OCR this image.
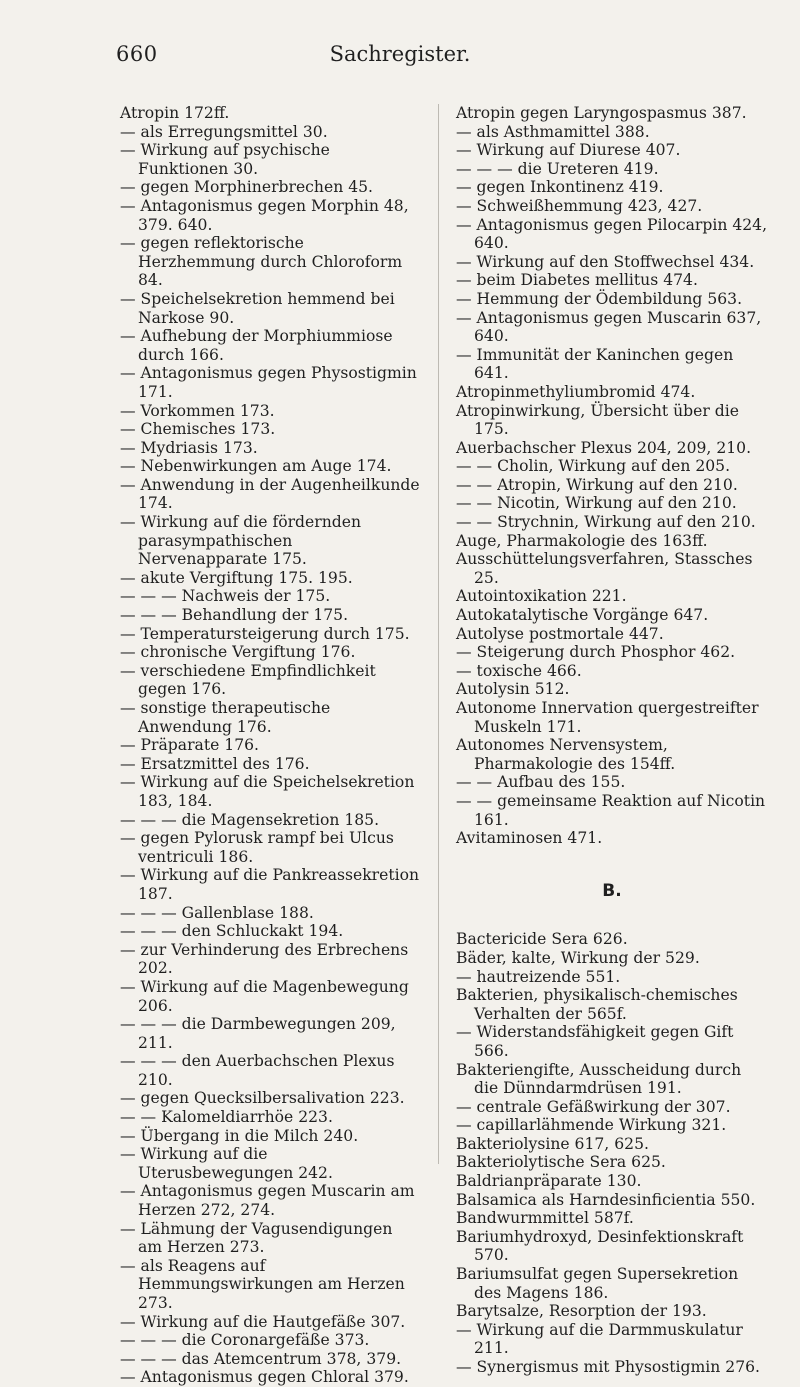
660	Sachregister.

Atropin 172ff.

— als Erregungsmittel 30.

— Wirkung auf psychische Funktionen 30.

— gegen Morphinerbrechen 45.

— Antagonismus gegen Morphin 48, 379. 640.

— gegen reflektorische Herzhemmung durch Chloroform 84.

— Speichelsekretion hemmend bei Narkose 90.

— Aufhebung der Morphiummiose durch 166.

— Antagonismus gegen Physostigmin 171.

— Vorkommen 173.

— Chemisches 173.

— Mydriasis 173.

— Nebenwirkungen am Auge 174.

— Anwendung in der Augenheilkunde 174.

— Wirkung auf die fördernden parasympathischen Nervenapparate 175.

— akute Vergiftung 175. 195.

— — — Nachweis der 175.

— — — Behandlung der 175.

— Temperatursteigerung durch 175.

— chronische Vergiftung 176.

— verschiedene Empfindlichkeit gegen 176.

— sonstige therapeutische Anwendung 176.

— Präparate 176.

— Ersatzmittel des 176.

— Wirkung auf die Speichelsekretion 183, 184.

— — — die Magensekretion 185.

— gegen Pylorusk rampf bei Ulcus ventriculi 186.

— Wirkung auf die Pankreassekretion 187.

— — — Gallenblase 188.

— — — den Schluckakt 194.

— zur Verhinderung des Erbrechens 202.

— Wirkung auf die Magenbewegung 206.

— — — die Darmbewegungen 209, 211.

— — — den Auerbachschen Plexus 210.

— gegen Quecksilbersalivation 223.

— — Kalomeldiarrhöe 223.

— Übergang in die Milch 240.

— Wirkung auf die Uterusbewegungen 242.

— Antagonismus gegen Muscarin am Herzen 272, 274.

— Lähmung der Vagusendigungen am Herzen 273.

— als Reagens auf Hemmungswirkungen am Herzen 273.

— Wirkung auf die Hautgefäße 307.

— — — die Coronargefäße 373.

— — — das Atemcentrum 378, 379.

— Antagonismus gegen Chloral 379.

Atropin gegen Laryngospasmus 387.

— als Asthmamittel 388.

— Wirkung auf Diurese 407.

— — — die Ureteren 419.

— gegen Inkontinenz 419.

— Schweißhemmung 423, 427.

— Antagonismus gegen Pilocarpin 424, 640.

— Wirkung auf den Stoffwechsel 434.

— beim Diabetes mellitus 474.

— Hemmung der Ödembildung 563.

— Antagonismus gegen Muscarin 637, 640.

— Immunität der Kaninchen gegen 641.

Atropinmethyliumbromid 474.

Atropinwirkung, Übersicht über die 175.

Auerbachscher Plexus 204, 209, 210.

— — Cholin, Wirkung auf den 205.

— — Atropin, Wirkung auf den 210.

— — Nicotin, Wirkung auf den 210.

— — Strychnin, Wirkung auf den 210.

Auge, Pharmakologie des 163ff.

Ausschüttelungsverfahren, Stassches 25.

Autointoxikation 221.

Autokatalytische Vorgänge 647.

Autolyse postmortale 447.

— Steigerung durch Phosphor 462.

— toxische 466.

Autolysin 512.

Autonome Innervation quergestreifter Muskeln 171.

Autonomes Nervensystem, Pharmakologie des 154ff.

— — Aufbau des 155.

— — gemeinsame Reaktion auf Nicotin 161.

Avitaminosen 471.

B.

Bactericide Sera 626.

Bäder, kalte, Wirkung der 529.

— hautreizende 551.

Bakterien, physikalisch-chemisches Verhalten der 565f.

— Widerstandsfähigkeit gegen Gift 566.

Bakteriengifte, Ausscheidung durch die Dünndarmdrüsen 191.

— centrale Gefäßwirkung der 307.

— capillarlähmende Wirkung 321.

Bakteriolysine 617, 625.

Bakteriolytische Sera 625.

Baldrianpräparate 130.

Balsamica als Harndesinficientia 550.

Bandwurmmittel 587f.

Bariumhydroxyd, Desinfektionskraft 570.

Bariumsulfat gegen Supersekretion des Magens 186.

Barytsalze, Resorption der 193.

— Wirkung auf die Darmmuskulatur 211.

— Synergismus mit Physostigmin 276.
